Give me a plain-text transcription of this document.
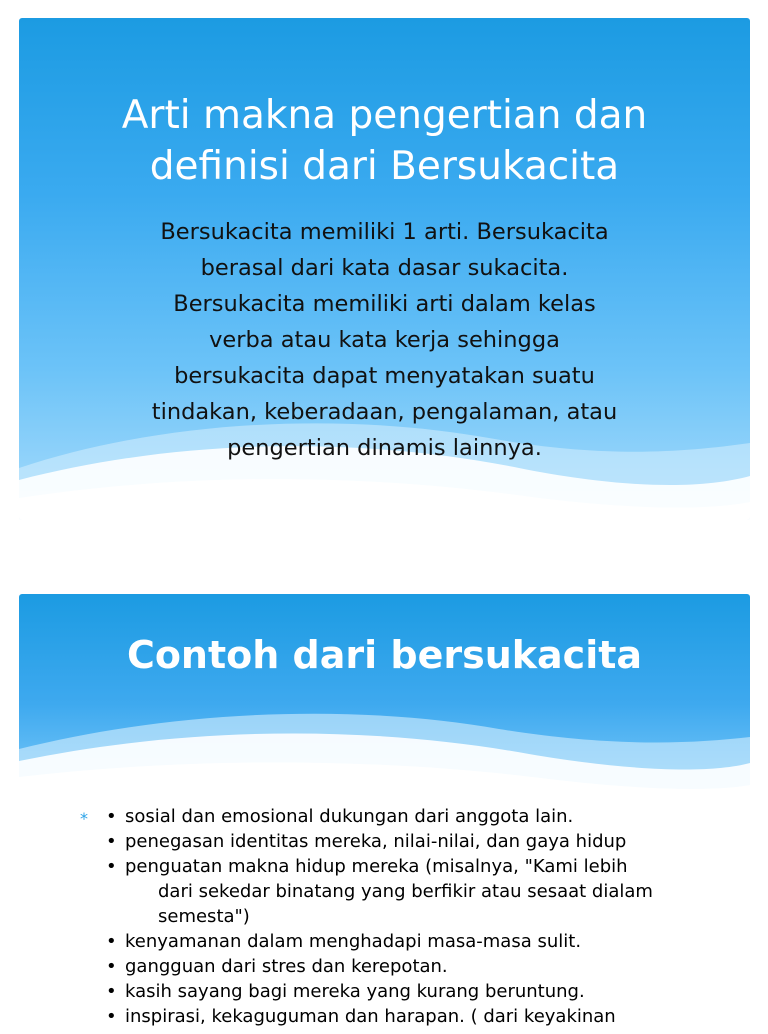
Arti makna pengertian dan
definisi dari Bersukacita

Bersukacita memiliki 1 arti. Bersukacita
berasal dari kata dasar sukacita.
Bersukacita memiliki arti dalam kelas
verba atau kata kerja sehingga
bersukacita dapat menyatakan suatu
tindakan, keberadaan, pengalaman, atau
pengertian dinamis lainnya.

Contoh dari bersukacita
* • sosial dan emosional dukungan dari anggota lain.
• penegasan identitas mereka, nilai-nilai, dan gaya hidup
• penguatan makna hidup mereka (misalnya, "Kami lebih
dari sekedar binatang yang berfikir atau sesaat dialam
semesta")
• kenyamanan dalam menghadapi masa-masa sulit.
• gangguan dari stres dan kerepotan.
• kasih sayang bagi mereka yang kurang beruntung.
• inspirasi, kekaguguman dan harapan. ( dari keyakinan
